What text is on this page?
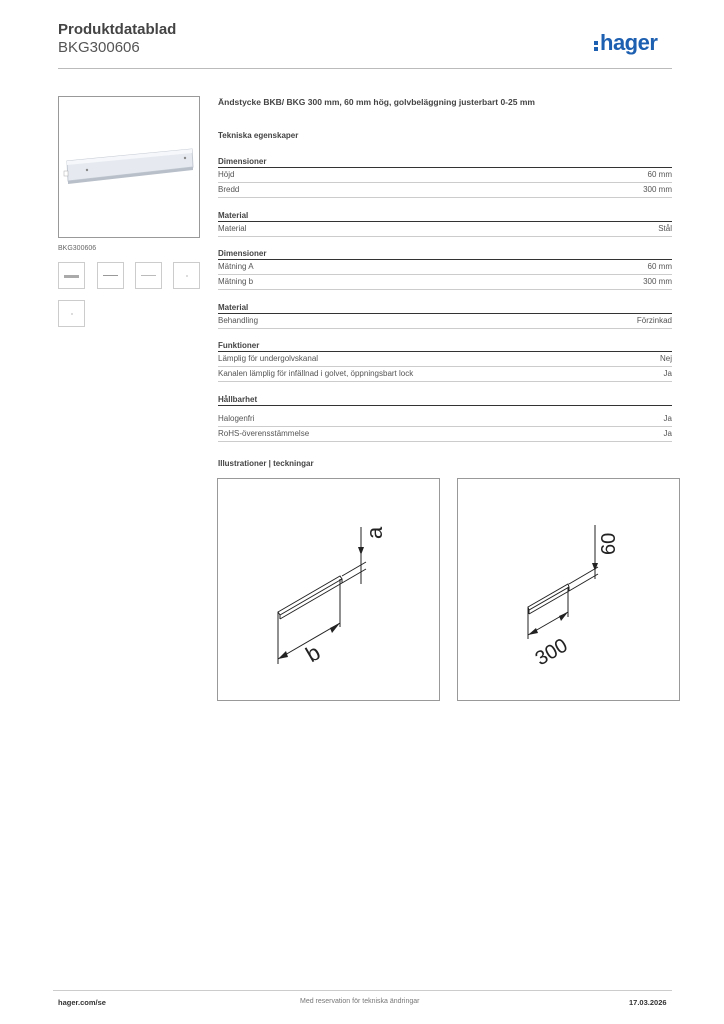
Produktdatablad
BKG300606	hager
BKG300606
Ändstycke BKB/ BKG 300 mm, 60 mm hög, golvbeläggning justerbart 0-25 mm
Tekniska egenskaper
Dimensioner
Höjd	60 mm
Bredd	300 mm
Material
Material	Stål
Dimensioner
Mätning A	60 mm
Mätning b	300 mm
Material
Behandling	Förzinkad
Funktioner
Lämplig för undergolvskanal	Nej
Kanalen lämplig för infällnad i golvet, öppningsbart lock	Ja
Hållbarhet
Halogenfri	Ja
RoHS-överensstämmelse	Ja
Illustrationer | teckningar
a
b
60
300
hager.com/se	Med reservation för tekniska ändringar	17.03.2026
